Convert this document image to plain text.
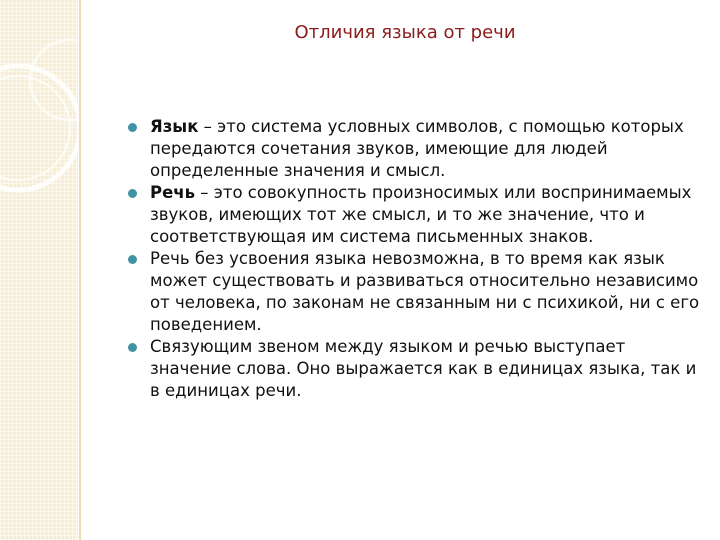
Отличия языка от речи
Язык – это система условных символов, с помощью которых передаются сочетания звуков, имеющие для людей определенные значения и смысл.
Речь – это совокупность произносимых или воспринимаемых звуков, имеющих тот же смысл, и то же значение, что и соответствующая им система письменных знаков.
Речь без усвоения языка невозможна, в то время как язык может существовать и развиваться относительно независимо от человека, по законам не связанным ни с психикой, ни с его поведением.
Связующим звеном между языком и речью выступает значение слова. Оно выражается как в единицах языка, так и в единицах речи.
